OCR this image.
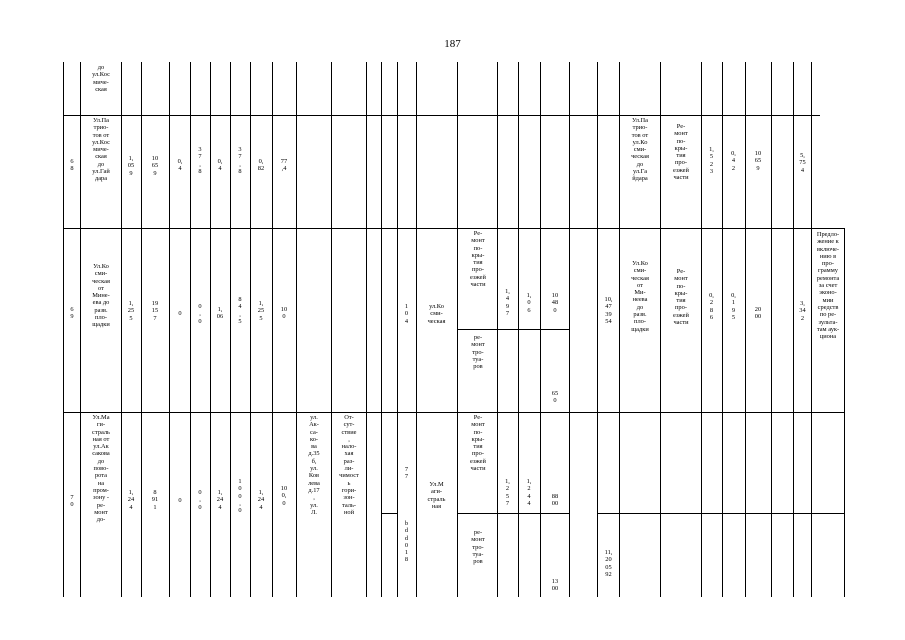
187
до
ул.Кос
миче-
ская
6
8
Ул.Па
трио-
тов от
ул.Кос
миче-
ская
до
ул.Гай
дара
1,
05
9
10
65
9
0,
4
3
7
,
8
0,
4
3
7
,
8
0,
82
77
,4
Ул.Па
трио-
тов от
ул.Ко
сми-
ческая
до
ул.Га
йдара
Ре-
монт
по-
кры-
тия
про-
езжей
части
1,
5
2
3
0,
4
2
10
65
9
5,
75
4
6
9
Ул.Ко
сми-
ческая
от
Мине-
ева до
разв.
пло-
щадки
1,
25
5
19
15
7
0
0
,
0
1,
06
8
4
,
5
1,
25
5
10
0
1
0
4
ул.Ко
сми-
ческая
Ре-
монт
по-
кры-
тия
про-
езжей
части
1,
4
9
7
1,
0
6
10
48
0
ре-
монт
тро-
туа-
ров
65
0
10,
47
39
54
Ул.Ко
сми-
ческая
от
Ми-
неева
до
разв.
пло-
щадки
Ре-
монт
по-
кры-
тия
про-
езжей
части
0,
2
8
6
0,
1
9
5
20
00
3,
34
2
Предло-
жение к
включе-
нию в
про-
грамму
ремонта
за счет
эконо-
мии
средств
по ре-
зульта-
там аук-
циона
7
0
Ул.Ма
ги-
страль
ная от
ул.Ак
сакова
до
пово-
рота
на
пром-
зону -
ре-
монт
до-
1,
24
4
8
91
1
0
0
,
0
1,
24
4
1
0
0
,
0
1,
24
4
10
0,
0
ул.
Ак-
са-
ко-
ва
д.35
б,
ул.
Ков
лева
д.17
,
ул.
Л.
От-
сут-
ствие
,
нало-
хая
раз-
ли-
чимост
ь
гори-
зон-
таль-
ной
7
7
b
d
d
0
1
8
Ул.М
аги-
страль
ная
Ре-
монт
по-
кры-
тия
про-
езжей
части
1,
2
5
7
1,
2
4
4
88
00
ре-
монт
тро-
туа-
ров
13
00
11,
20
05
92
